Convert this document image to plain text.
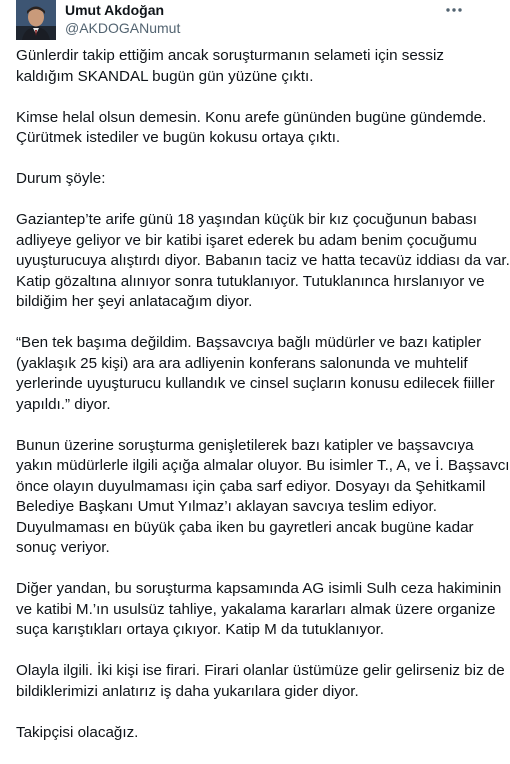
Umut Akdoğan
@AKDOGANumut
Günlerdir takip ettiğim ancak soruşturmanın selameti için sessiz
kaldığım SKANDAL bugün gün yüzüne çıktı.
Kimse helal olsun demesin. Konu arefe gününden bugüne gündemde.
Çürütmek istediler ve bugün kokusu ortaya çıktı.
Durum şöyle:
Gaziantep’te arife günü 18 yaşından küçük bir kız çocuğunun babası
adliyeye geliyor ve bir katibi işaret ederek bu adam benim çocuğumu
uyuşturucuya alıştırdı diyor. Babanın taciz ve hatta tecavüz iddiası da var.
Katip gözaltına alınıyor sonra tutuklanıyor. Tutuklanınca hırslanıyor ve
bildiğim her şeyi anlatacağım diyor.
“Ben tek başıma değildim. Başsavcıya bağlı müdürler ve bazı katipler
(yaklaşık 25 kişi) ara ara adliyenin konferans salonunda ve muhtelif
yerlerinde uyuşturucu kullandık ve cinsel suçların konusu edilecek fiiller
yapıldı.” diyor.
Bunun üzerine soruşturma genişletilerek bazı katipler ve başsavcıya
yakın müdürlerle ilgili açığa almalar oluyor. Bu isimler T., A, ve İ. Başsavcı
önce olayın duyulmaması için çaba sarf ediyor. Dosyayı da Şehitkamil
Belediye Başkanı Umut Yılmaz’ı aklayan savcıya teslim ediyor.
Duyulmaması en büyük çaba iken bu gayretleri ancak bugüne kadar
sonuç veriyor.
Diğer yandan, bu soruşturma kapsamında AG isimli Sulh ceza hakiminin
ve katibi M.’ın usulsüz tahliye, yakalama kararları almak üzere organize
suça karıştıkları ortaya çıkıyor. Katip M da tutuklanıyor.
Olayla ilgili. İki kişi ise firari. Firari olanlar üstümüze gelir gelirseniz biz de
bildiklerimizi anlatırız iş daha yukarılara gider diyor.
Takipçisi olacağız.
